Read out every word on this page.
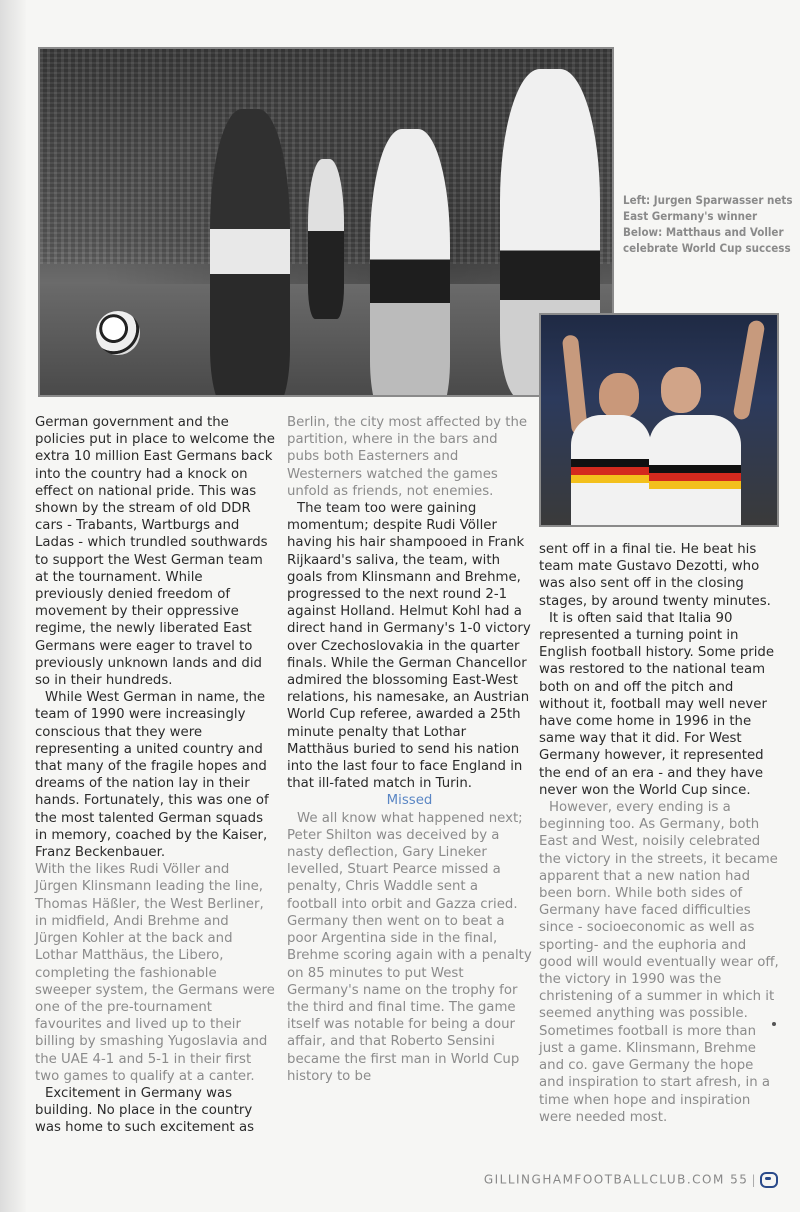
Left: Jurgen Sparwasser nets East Germany's winner
Below: Matthaus and Voller celebrate World Cup success

German government and the policies put in place to welcome the extra 10 million East Germans back into the country had a knock on effect on national pride. This was shown by the stream of old DDR cars - Trabants, Wartburgs and Ladas - which trundled southwards to support the West German team at the tournament. While previously denied freedom of movement by their oppressive regime, the newly liberated East Germans were eager to travel to previously unknown lands and did so in their hundreds.

While West German in name, the team of 1990 were increasingly conscious that they were representing a united country and that many of the fragile hopes and dreams of the nation lay in their hands. Fortunately, this was one of the most talented German squads in memory, coached by the Kaiser, Franz Beckenbauer.

With the likes Rudi Völler and Jürgen Klinsmann leading the line, Thomas Häßler, the West Berliner, in midfield, Andi Brehme and Jürgen Kohler at the back and Lothar Matthäus, the Libero, completing the fashionable sweeper system, the Germans were one of the pre-tournament favourites and lived up to their billing by smashing Yugoslavia and the UAE 4-1 and 5-1 in their first two games to qualify at a canter.

Excitement in Germany was building. No place in the country was home to such excitement as

Berlin, the city most affected by the partition, where in the bars and pubs both Easterners and Westerners watched the games unfold as friends, not enemies.

The team too were gaining momentum; despite Rudi Völler having his hair shampooed in Frank Rijkaard's saliva, the team, with goals from Klinsmann and Brehme, progressed to the next round 2-1 against Holland. Helmut Kohl had a direct hand in Germany's 1-0 victory over Czechoslovakia in the quarter finals. While the German Chancellor admired the blossoming East-West relations, his namesake, an Austrian World Cup referee, awarded a 25th minute penalty that Lothar Matthäus buried to send his nation into the last four to face England in that ill-fated match in Turin.

Missed

We all know what happened next; Peter Shilton was deceived by a nasty deflection, Gary Lineker levelled, Stuart Pearce missed a penalty, Chris Waddle sent a football into orbit and Gazza cried. Germany then went on to beat a poor Argentina side in the final, Brehme scoring again with a penalty on 85 minutes to put West Germany's name on the trophy for the third and final time. The game itself was notable for being a dour affair, and that Roberto Sensini became the first man in World Cup history to be

sent off in a final tie. He beat his team mate Gustavo Dezotti, who was also sent off in the closing stages, by around twenty minutes.

It is often said that Italia 90 represented a turning point in English football history. Some pride was restored to the national team both on and off the pitch and without it, football may well never have come home in 1996 in the same way that it did. For West Germany however, it represented the end of an era - and they have never won the World Cup since.

However, every ending is a beginning too. As Germany, both East and West, noisily celebrated the victory in the streets, it became apparent that a new nation had been born. While both sides of Germany have faced difficulties since - socioeconomic as well as sporting- and the euphoria and good will would eventually wear off, the victory in 1990 was the christening of a summer in which it seemed anything was possible. Sometimes football is more than just a game. Klinsmann, Brehme and co. gave Germany the hope and inspiration to start afresh, in a time when hope and inspiration were needed most.

GILLINGHAMFOOTBALLCLUB.COM 55 |
